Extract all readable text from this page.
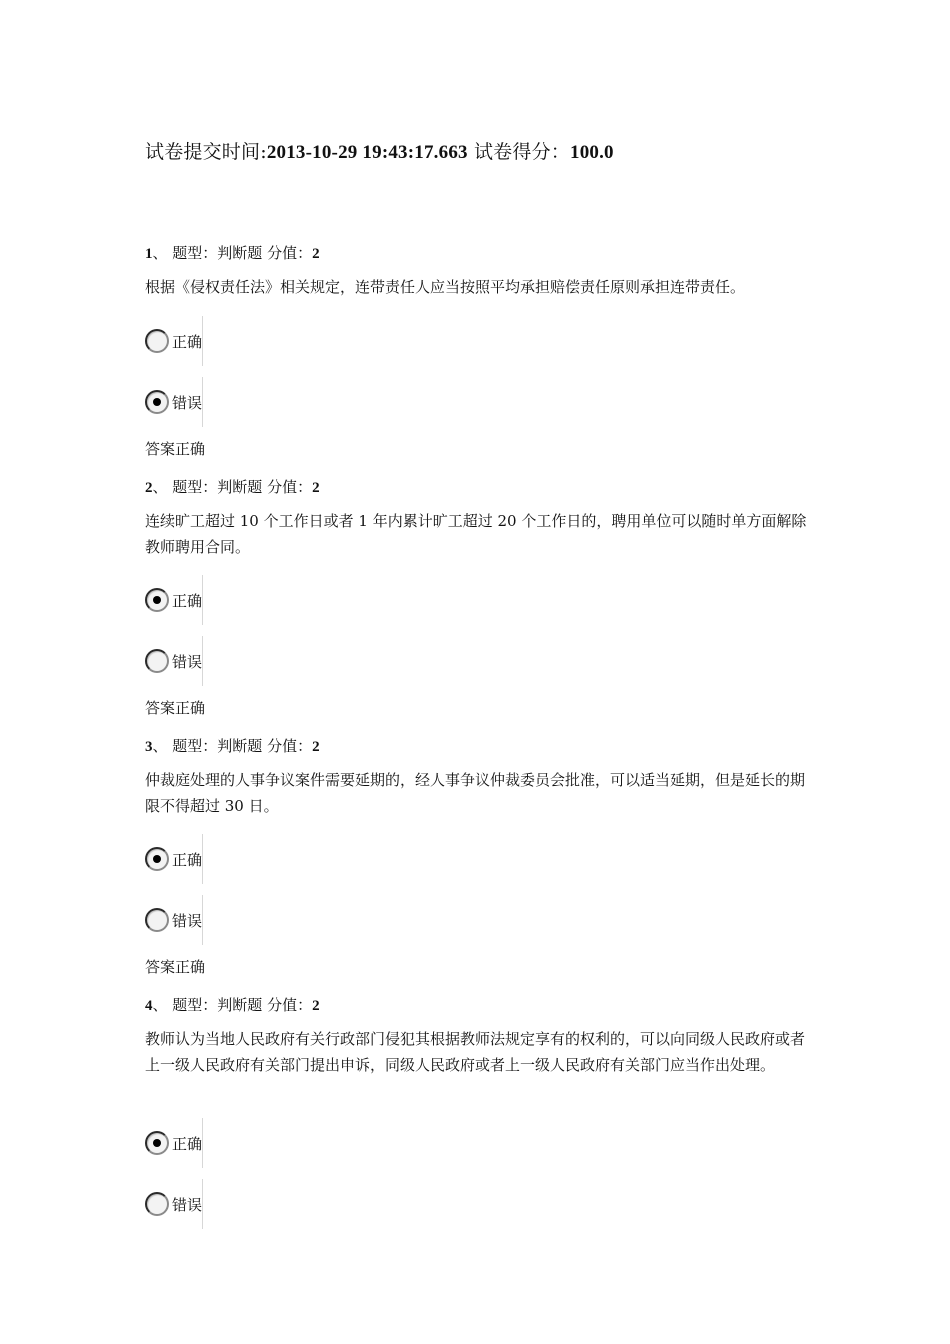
试卷提交时间:2013-10-29 19:43:17.663 试卷得分：100.0
1、 题型：判断题 分值：2
根据《侵权责任法》相关规定，连带责任人应当按照平均承担赔偿责任原则承担连带责任。
正确
错误
答案正确
2、 题型：判断题 分值：2
连续旷工超过 10 个工作日或者 1 年内累计旷工超过 20 个工作日的，聘用单位可以随时单方面解除教师聘用合同。
正确
错误
答案正确
3、 题型：判断题 分值：2
仲裁庭处理的人事争议案件需要延期的，经人事争议仲裁委员会批准，可以适当延期，但是延长的期限不得超过 30 日。
正确
错误
答案正确
4、 题型：判断题 分值：2
教师认为当地人民政府有关行政部门侵犯其根据教师法规定享有的权利的，可以向同级人民政府或者上一级人民政府有关部门提出申诉，同级人民政府或者上一级人民政府有关部门应当作出处理。
正确
错误
